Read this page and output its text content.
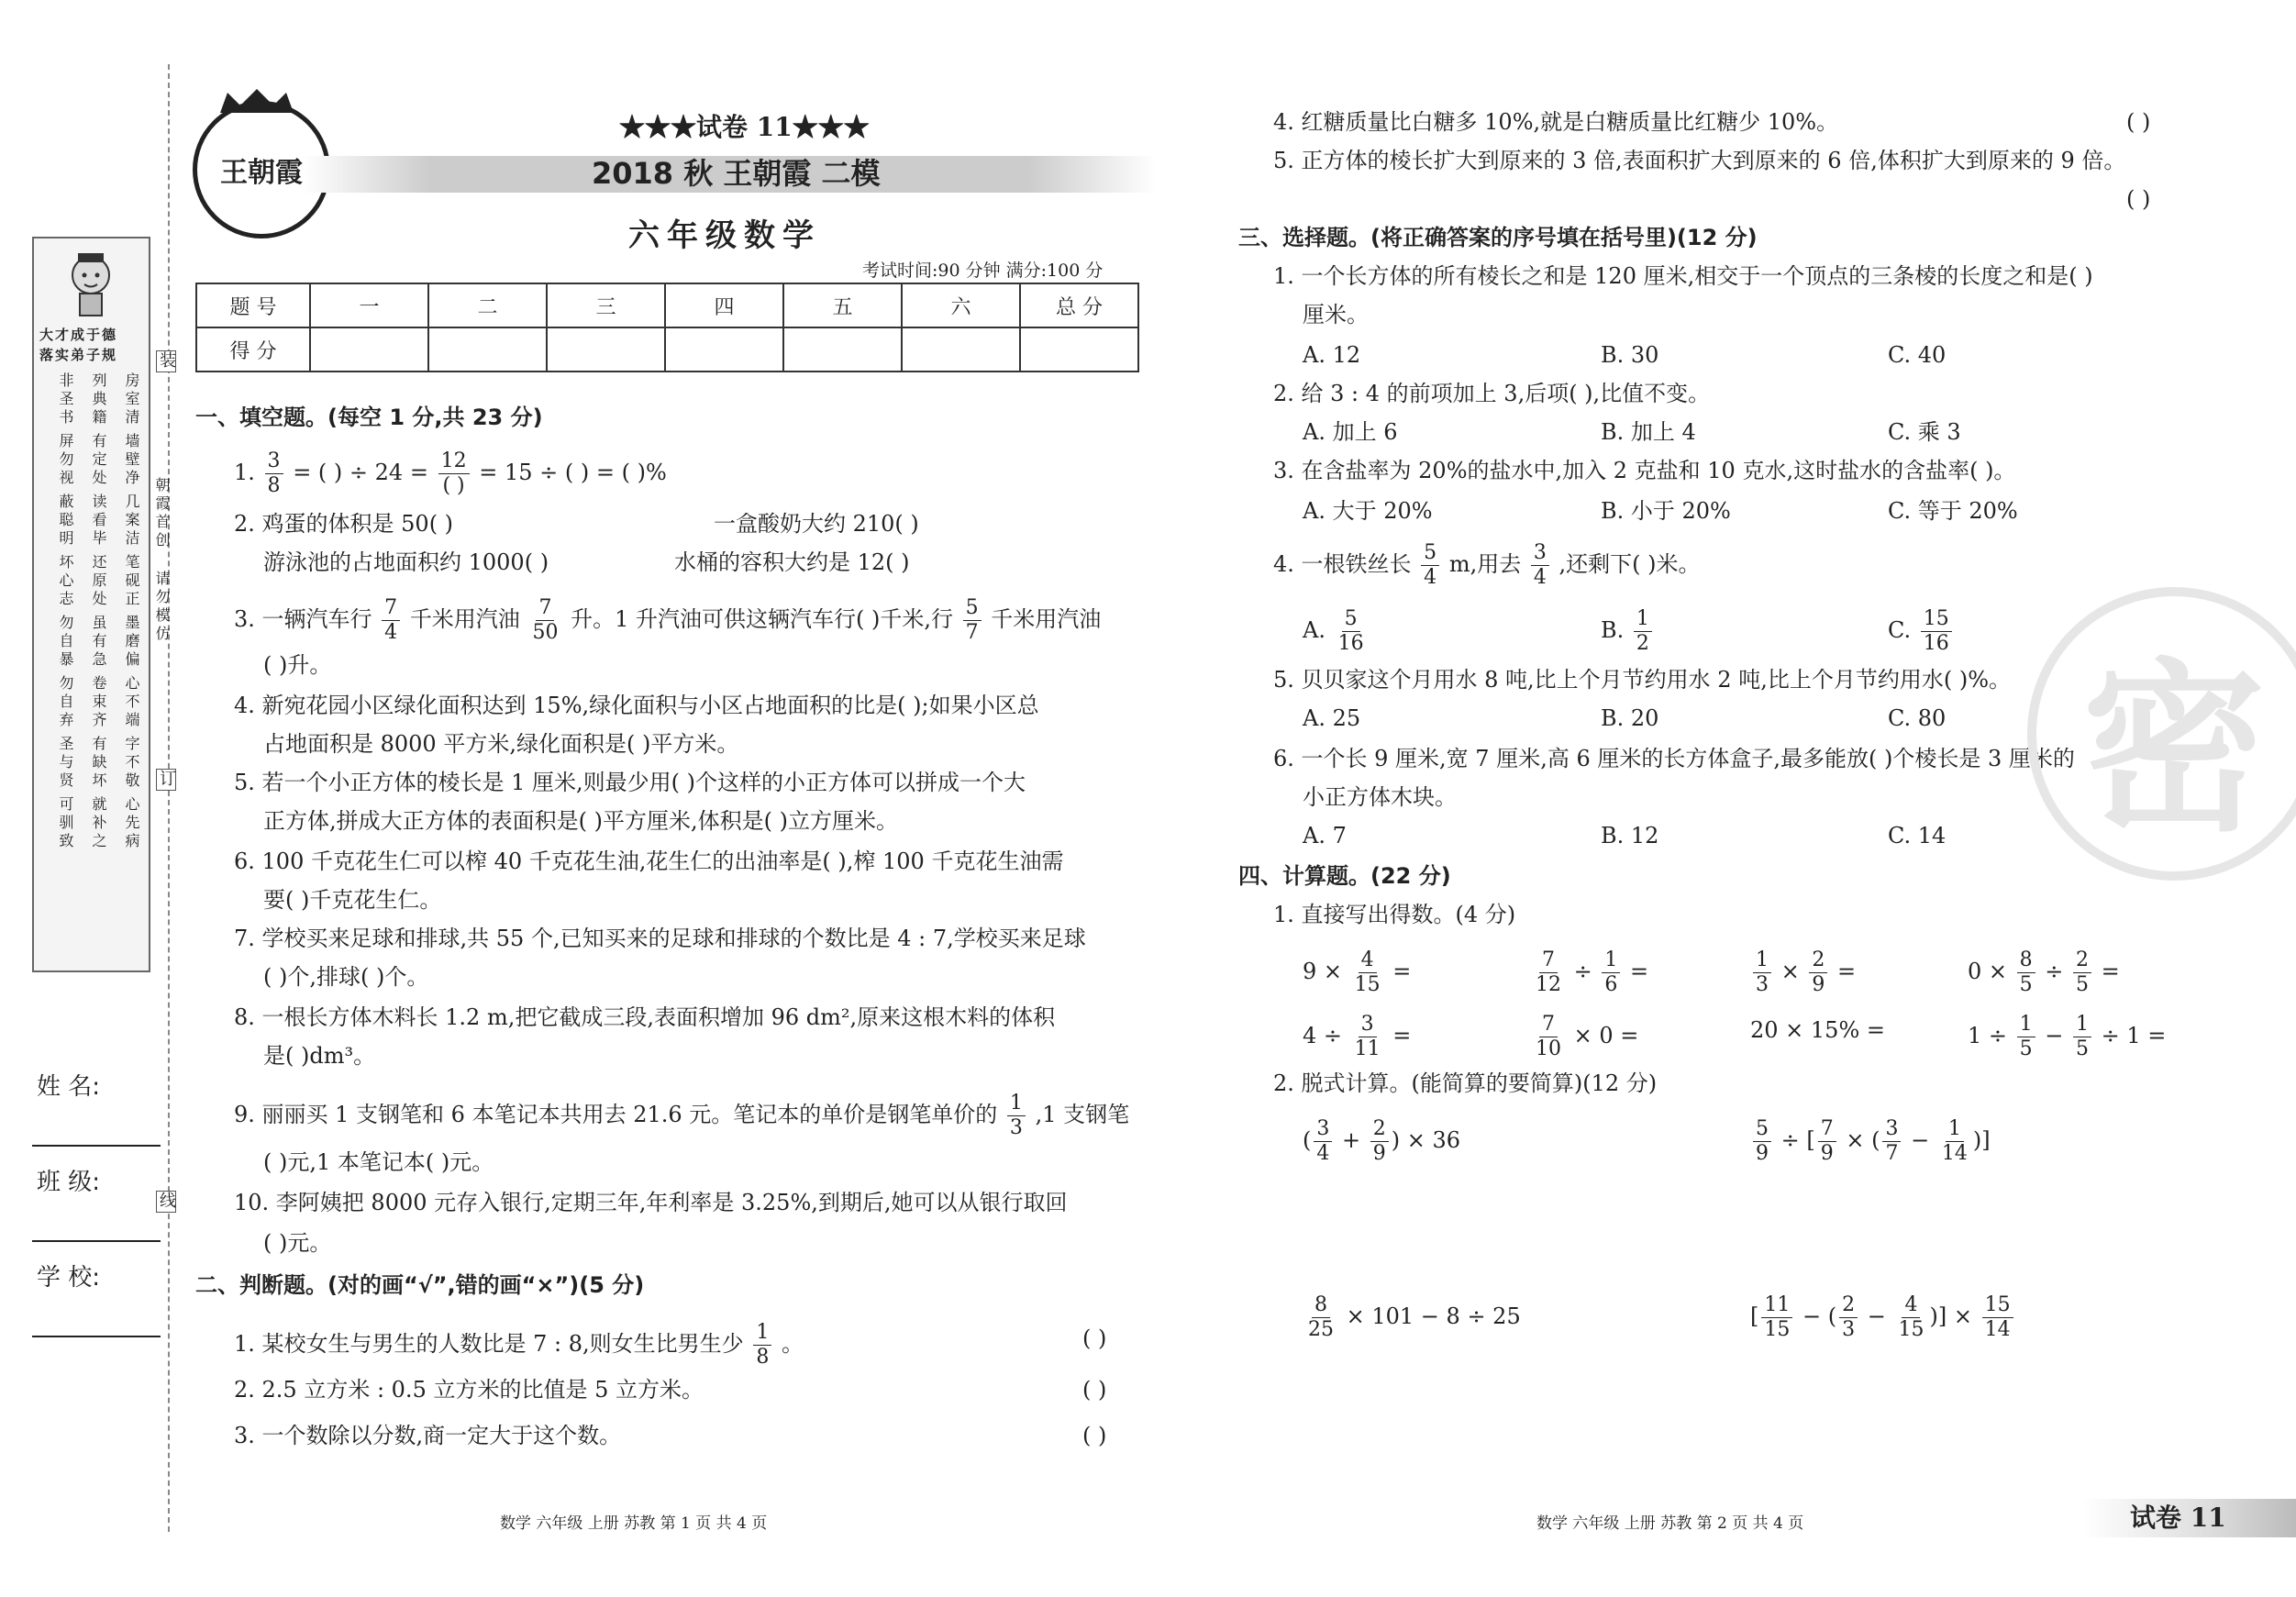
大才成于德
落实弟子规
非圣书	列典籍	房室清
屏勿视	有定处	墙壁净
蔽聪明	读看毕	几案洁
坏心志	还原处	笔砚正
勿自暴	虽有急	墨磨偏
勿自弃	卷束齐	心不端
圣与贤	有缺坏	字不敬
可驯致	就补之	心先病
装
订
线
朝霞首创
请勿模仿
姓 名:
班 级:
学 校:
王朝霞
★★★试卷 11★★★
2018 秋 王朝霞 二模
六年级数学
考试时间:90 分钟 满分:100 分
题 号	一	二	三	四	五	六	总 分
得 分							
一、填空题。(每空 1 分,共 23 分)
1. $\frac{3}{8}$ = ( ) ÷ $24 = \frac{12}{( )} = 15$ ÷ ( ) = ( )%
2. 鸡蛋的体积是 50( )	一盒酸奶大约 210( )
游泳池的占地面积约 1000( )	水桶的容积大约是 12( )
3. 一辆汽车行 $\frac{7}{4}$ 千米用汽油 $\frac{7}{50}$ 升。1 升汽油可供这辆汽车行( )千米,行 $\frac{5}{7}$ 千米用汽油
( )升。
4. 新宛花园小区绿化面积达到 15%,绿化面积与小区占地面积的比是( );如果小区总
占地面积是 8000 平方米,绿化面积是( )平方米。
5. 若一个小正方体的棱长是 1 厘米,则最少用( )个这样的小正方体可以拼成一个大
正方体,拼成大正方体的表面积是( )平方厘米,体积是( )立方厘米。
6. 100 千克花生仁可以榨 40 千克花生油,花生仁的出油率是( ),榨 100 千克花生油需
要( )千克花生仁。
7. 学校买来足球和排球,共 55 个,已知买来的足球和排球的个数比是 4 : 7,学校买来足球
( )个,排球( )个。
8. 一根长方体木料长 1.2 m,把它截成三段,表面积增加 96 dm²,原来这根木料的体积
是( )dm³。
9. 丽丽买 1 支钢笔和 6 本笔记本共用去 21.6 元。笔记本的单价是钢笔单价的 $\frac{1}{3} ,1$ 支钢笔
( )元,1 本笔记本( )元。
10. 李阿姨把 8000 元存入银行,定期三年,年利率是 3.25%,到期后,她可以从银行取回
( )元。
二、判断题。(对的画“√”,错的画“×”)(5 分)
1. 某校女生与男生的人数比是 7 : 8,则女生比男生少 $\frac{1}{8}$ 。	( )
2. 2.5 立方米 : 0.5 立方米的比值是 5 立方米。	( )
3. 一个数除以分数,商一定大于这个数。	( )
数学 六年级 上册 苏教 第 1 页 共 4 页
4. 红糖质量比白糖多 10%,就是白糖质量比红糖少 10%。	( )
5. 正方体的棱长扩大到原来的 3 倍,表面积扩大到原来的 6 倍,体积扩大到原来的 9 倍。
( )
三、选择题。(将正确答案的序号填在括号里)(12 分)
1. 一个长方体的所有棱长之和是 120 厘米,相交于一个顶点的三条棱的长度之和是( )
厘米。
A. 12	B. 30	C. 40
2. 给 3 : 4 的前项加上 3,后项( ),比值不变。
A. 加上 6	B. 加上 4	C. 乘 3
3. 在含盐率为 20%的盐水中,加入 2 克盐和 10 克水,这时盐水的含盐率( )。
A. 大于 20%	B. 小于 20%	C. 等于 20%
4. 一根铁丝长 $\frac{5}{4} m$,用去 $\frac{3}{4}$ ,还剩下( )米。
A. $\frac{5}{16}$	B. $\frac{1}{2}$	C. $\frac{15}{16}$
5. 贝贝家这个月用水 8 吨,比上个月节约用水 2 吨,比上个月节约用水( )%。
A. 25	B. 20	C. 80
6. 一个长 9 厘米,宽 7 厘米,高 6 厘米的长方体盒子,最多能放( )个棱长是 3 厘米的
小正方体木块。
A. 7	B. 12	C. 14
四、计算题。(22 分)
1. 直接写出得数。(4 分)
$9 \times \frac{4}{15}$ =	$\frac{7}{12} \div \frac{1}{6}$ =	$\frac{1}{3} \times \frac{2}{9}$ =	$0 \times \frac{8}{5} \div \frac{2}{5}$ =
$4 \div \frac{3}{11}$ =	$\frac{7}{10} \times 0$ =	20 × 15% =	$1 \div \frac{1}{5} - \frac{1}{5} \div 1$ =
2. 脱式计算。(能简算的要简算)(12 分)
( $\frac{3}{4} + \frac{2}{9}$ ) × 36	$\frac{5}{9}$ ÷ [ $\frac{7}{9}$ × ( $\frac{3}{7} - \frac{1}{14}$ )]
$\frac{8}{25} \times 101 - 8 \div 25$	[ $\frac{11}{15}$ − ( $\frac{2}{3} - \frac{4}{15}$ )] × $\frac{15}{14}$
密
数学 六年级 上册 苏教 第 2 页 共 4 页	试卷 11
